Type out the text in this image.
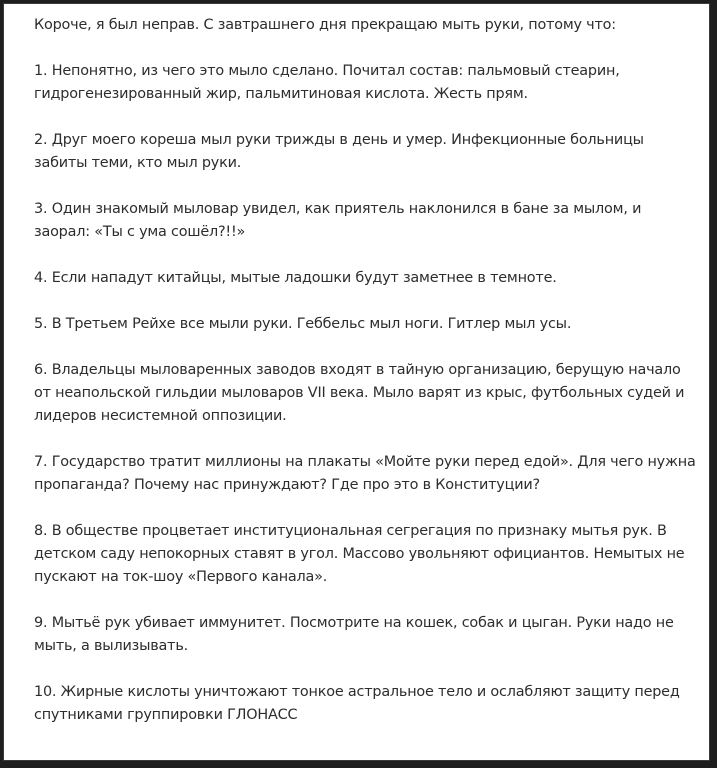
Короче, я был неправ. С завтрашнего дня прекращаю мыть руки, потому что:

1. Непонятно, из чего это мыло сделано. Почитал состав: пальмовый стеарин, гидрогенезированный жир, пальмитиновая кислота. Жесть прям.

2. Друг моего кореша мыл руки трижды в день и умер. Инфекционные больницы забиты теми, кто мыл руки.

3. Один знакомый мыловар увидел, как приятель наклонился в бане за мылом, и заорал: «Ты с ума сошёл?!!»

4. Если нападут китайцы, мытые ладошки будут заметнее в темноте.

5. В Третьем Рейхе все мыли руки. Геббельс мыл ноги. Гитлер мыл усы.

6. Владельцы мыловаренных заводов входят в тайную организацию, берущую начало от неапольской гильдии мыловаров VII века. Мыло варят из крыс, футбольных судей и лидеров несистемной оппозиции.

7. Государство тратит миллионы на плакаты «Мойте руки перед едой». Для чего нужна пропаганда? Почему нас принуждают? Где про это в Конституции?

8. В обществе процветает институциональная сегрегация по признаку мытья рук. В детском саду непокорных ставят в угол. Массово увольняют официантов. Немытых не пускают на ток-шоу «Первого канала».

9. Мытьё рук убивает иммунитет. Посмотрите на кошек, собак и цыган. Руки надо не мыть, а вылизывать.

10. Жирные кислоты уничтожают тонкое астральное тело и ослабляют защиту перед спутниками группировки ГЛОНАСС
